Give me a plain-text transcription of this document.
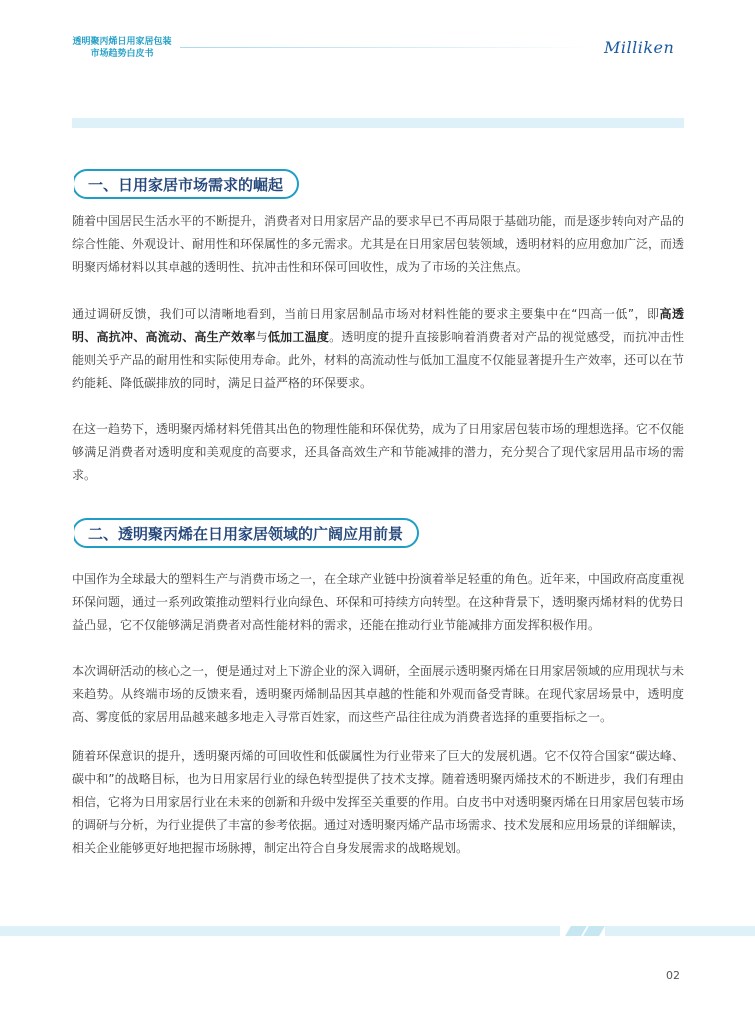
透明聚丙烯日用家居包装
市场趋势白皮书	Milliken
一、日用家居市场需求的崛起

随着中国居民生活水平的不断提升，消费者对日用家居产品的要求早已不再局限于基础功能，而是逐步转向对产品的综合性能、外观设计、耐用性和环保属性的多元需求。尤其是在日用家居包装领域，透明材料的应用愈加广泛，而透明聚丙烯材料以其卓越的透明性、抗冲击性和环保可回收性，成为了市场的关注焦点。

通过调研反馈，我们可以清晰地看到，当前日用家居制品市场对材料性能的要求主要集中在“四高一低”，即高透明、高抗冲、高流动、高生产效率与低加工温度。透明度的提升直接影响着消费者对产品的视觉感受，而抗冲击性能则关乎产品的耐用性和实际使用寿命。此外，材料的高流动性与低加工温度不仅能显著提升生产效率，还可以在节约能耗、降低碳排放的同时，满足日益严格的环保要求。

在这一趋势下，透明聚丙烯材料凭借其出色的物理性能和环保优势，成为了日用家居包装市场的理想选择。它不仅能够满足消费者对透明度和美观度的高要求，还具备高效生产和节能减排的潜力，充分契合了现代家居用品市场的需求。

二、透明聚丙烯在日用家居领域的广阔应用前景

中国作为全球最大的塑料生产与消费市场之一，在全球产业链中扮演着举足轻重的角色。近年来，中国政府高度重视环保问题，通过一系列政策推动塑料行业向绿色、环保和可持续方向转型。在这种背景下，透明聚丙烯材料的优势日益凸显，它不仅能够满足消费者对高性能材料的需求，还能在推动行业节能减排方面发挥积极作用。

本次调研活动的核心之一，便是通过对上下游企业的深入调研，全面展示透明聚丙烯在日用家居领域的应用现状与未来趋势。从终端市场的反馈来看，透明聚丙烯制品因其卓越的性能和外观而备受青睐。在现代家居场景中，透明度高、雾度低的家居用品越来越多地走入寻常百姓家，而这些产品往往成为消费者选择的重要指标之一。

随着环保意识的提升，透明聚丙烯的可回收性和低碳属性为行业带来了巨大的发展机遇。它不仅符合国家“碳达峰、碳中和”的战略目标，也为日用家居行业的绿色转型提供了技术支撑。随着透明聚丙烯技术的不断进步，我们有理由相信，它将为日用家居行业在未来的创新和升级中发挥至关重要的作用。白皮书中对透明聚丙烯在日用家居包装市场的调研与分析，为行业提供了丰富的参考依据。通过对透明聚丙烯产品市场需求、技术发展和应用场景的详细解读，相关企业能够更好地把握市场脉搏，制定出符合自身发展需求的战略规划。

02
